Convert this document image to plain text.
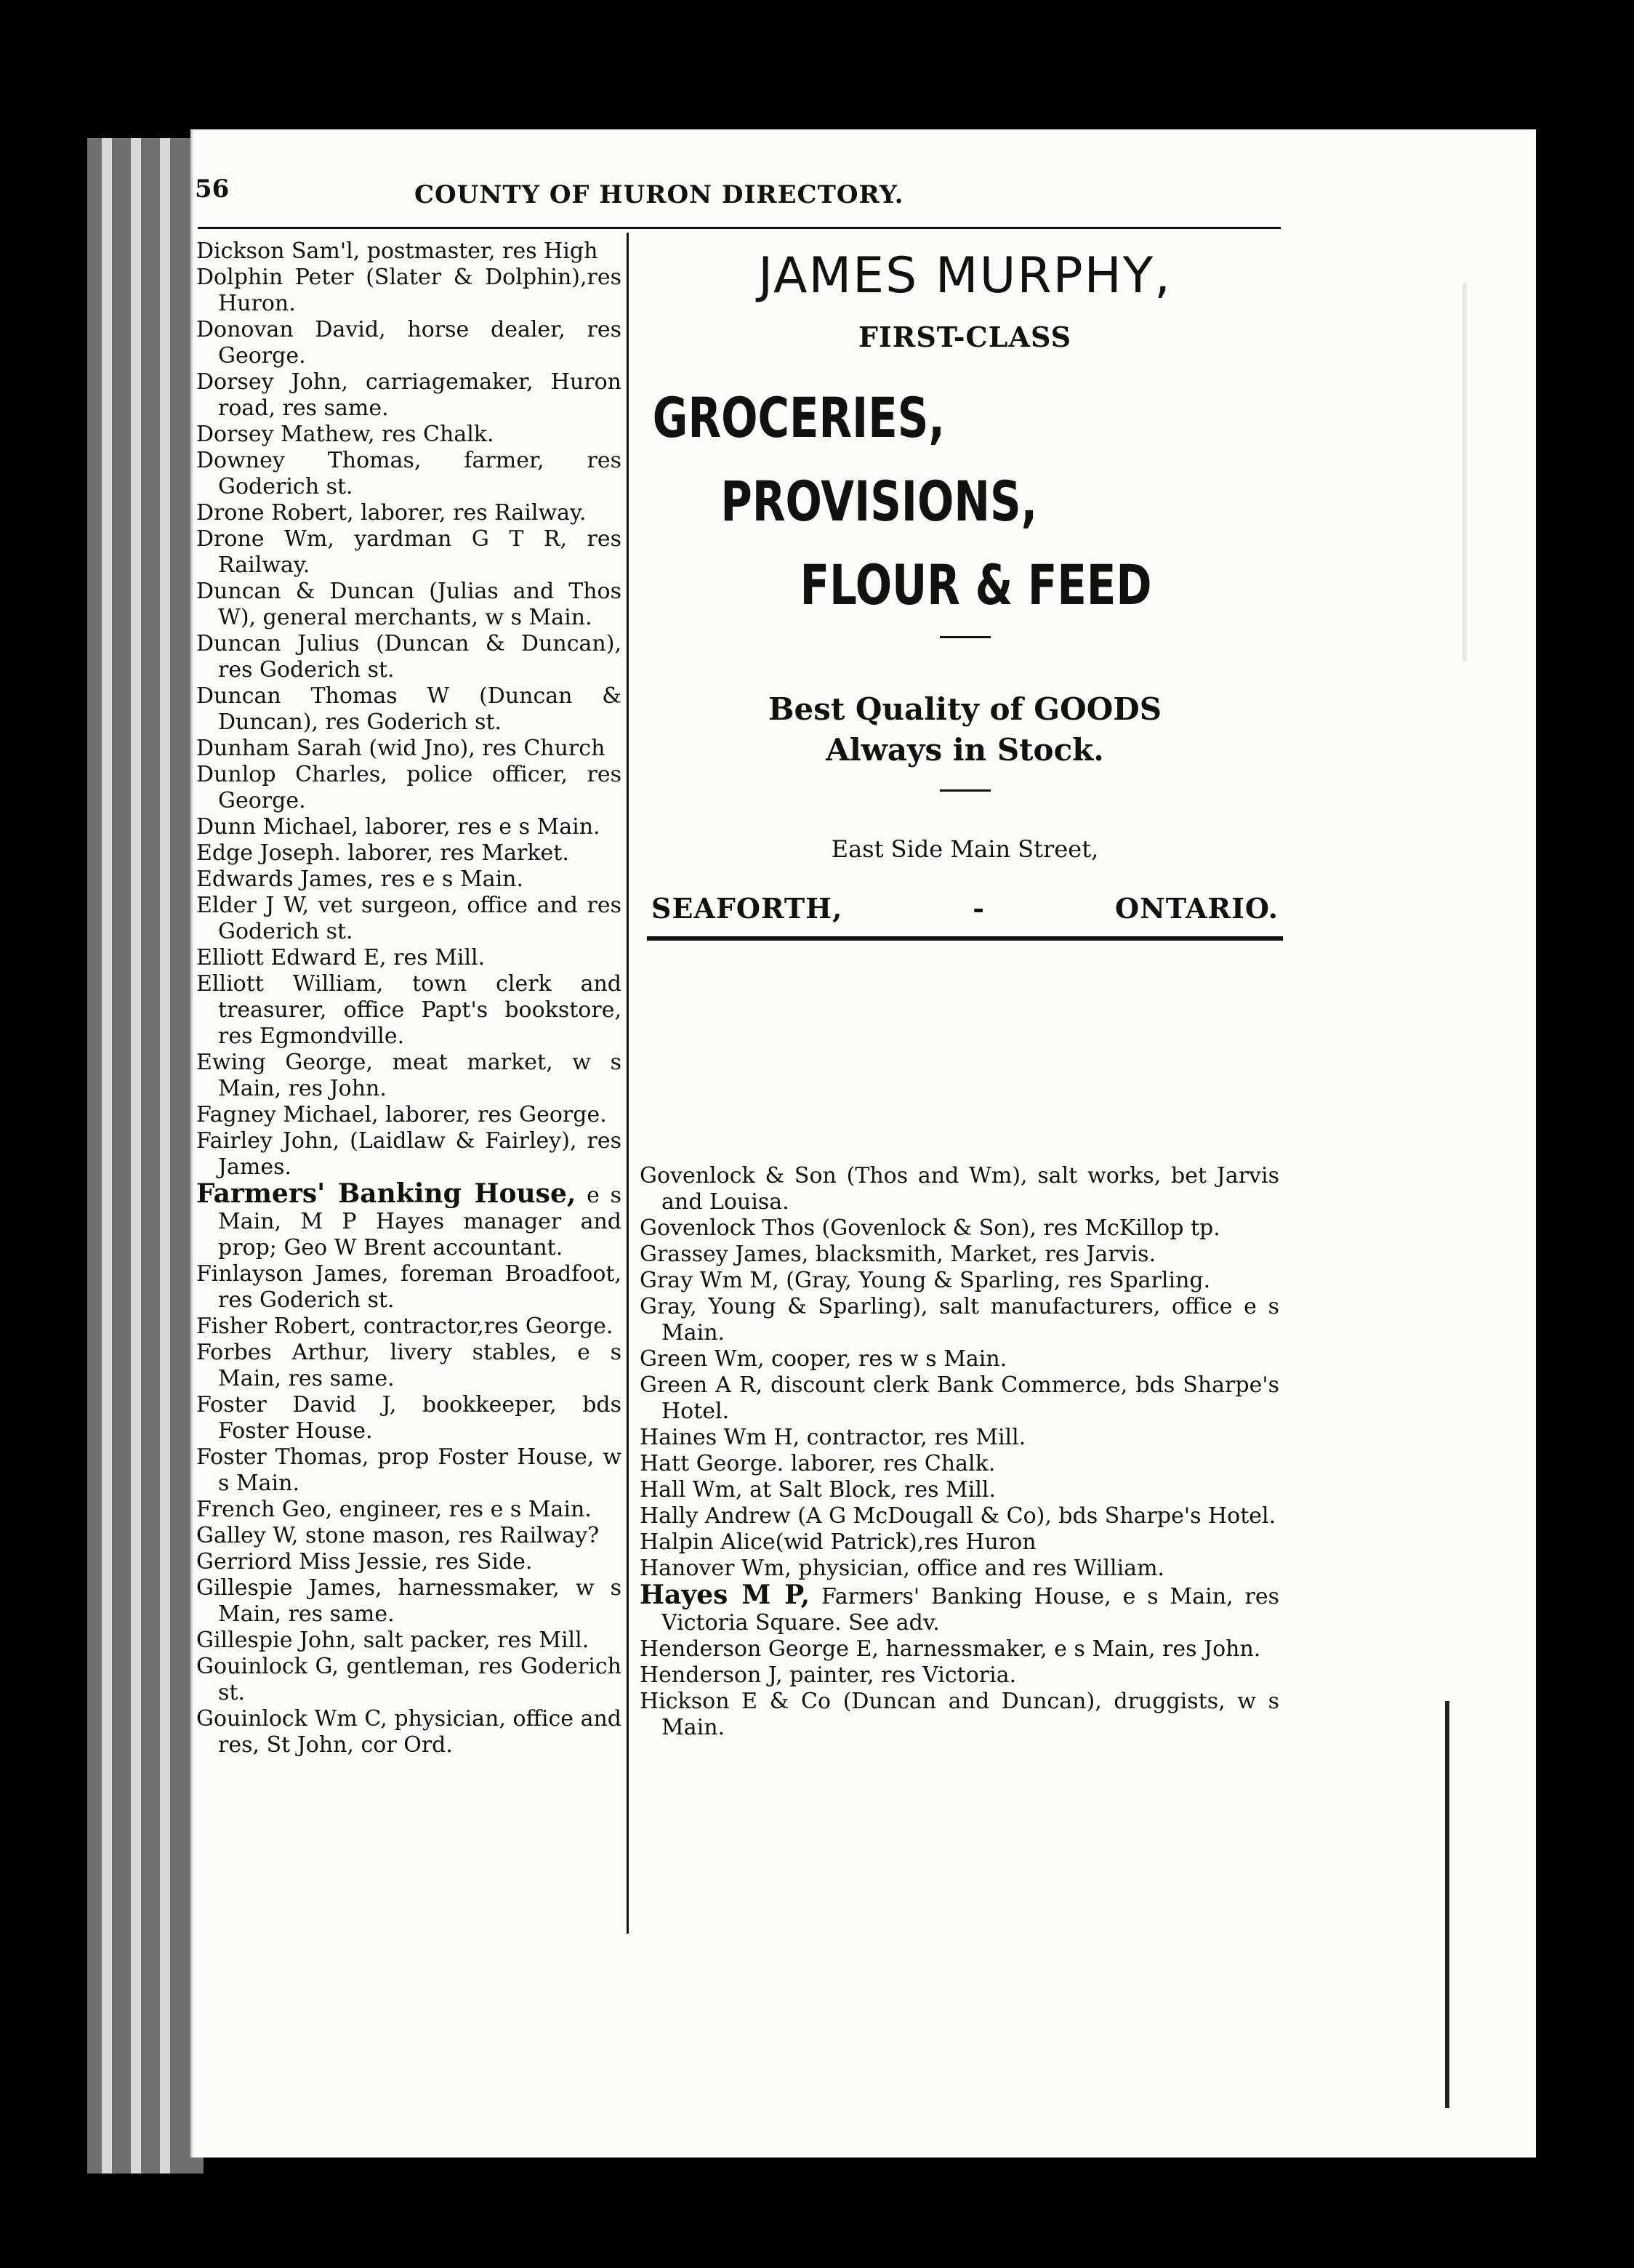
56	COUNTY OF HURON DIRECTORY.
Dickson Sam'l, postmaster, res High
Dolphin Peter (Slater & Dolphin),res Huron.
Donovan David, horse dealer, res George.
Dorsey John, carriagemaker, Huron road, res same.
Dorsey Mathew, res Chalk.
Downey Thomas, farmer, res Goderich st.
Drone Robert, laborer, res Railway.
Drone Wm, yardman G T R, res Railway.
Duncan & Duncan (Julias and Thos W), general merchants, w s Main.
Duncan Julius (Duncan & Duncan), res Goderich st.
Duncan Thomas W (Duncan & Duncan), res Goderich st.
Dunham Sarah (wid Jno), res Church
Dunlop Charles, police officer, res George.
Dunn Michael, laborer, res e s Main.
Edge Joseph. laborer, res Market.
Edwards James, res e s Main.
Elder J W, vet surgeon, office and res Goderich st.
Elliott Edward E, res Mill.
Elliott William, town clerk and treasurer, office Papt's bookstore, res Egmondville.
Ewing George, meat market, w s Main, res John.
Fagney Michael, laborer, res George.
Fairley John, (Laidlaw & Fairley), res James.
Farmers' Banking House, e s Main, M P Hayes manager and prop; Geo W Brent accountant.
Finlayson James, foreman Broadfoot, res Goderich st.
Fisher Robert, contractor,res George.
Forbes Arthur, livery stables, e s Main, res same.
Foster David J, bookkeeper, bds Foster House.
Foster Thomas, prop Foster House, w s Main.
French Geo, engineer, res e s Main.
Galley W, stone mason, res Railway?
Gerriord Miss Jessie, res Side.
Gillespie James, harnessmaker, w s Main, res same.
Gillespie John, salt packer, res Mill.
Gouinlock G, gentleman, res Goderich st.
Gouinlock Wm C, physician, office and res, St John, cor Ord.
JAMES MURPHY,
FIRST-CLASS
GROCERIES,
PROVISIONS,
FLOUR & FEED
Best Quality of GOODS
Always in Stock.
East Side Main Street,
SEAFORTH,	-	ONTARIO.
Govenlock & Son (Thos and Wm), salt works, bet Jarvis and Louisa.
Govenlock Thos (Govenlock & Son), res McKillop tp.
Grassey James, blacksmith, Market, res Jarvis.
Gray Wm M, (Gray, Young & Sparling, res Sparling.
Gray, Young & Sparling), salt manufacturers, office e s Main.
Green Wm, cooper, res w s Main.
Green A R, discount clerk Bank Commerce, bds Sharpe's Hotel.
Haines Wm H, contractor, res Mill.
Hatt George. laborer, res Chalk.
Hall Wm, at Salt Block, res Mill.
Hally Andrew (A G McDougall & Co), bds Sharpe's Hotel.
Halpin Alice(wid Patrick),res Huron
Hanover Wm, physician, office and res William.
Hayes M P, Farmers' Banking House, e s Main, res Victoria Square. See adv.
Henderson George E, harnessmaker, e s Main, res John.
Henderson J, painter, res Victoria.
Hickson E & Co (Duncan and Duncan), druggists, w s Main.
